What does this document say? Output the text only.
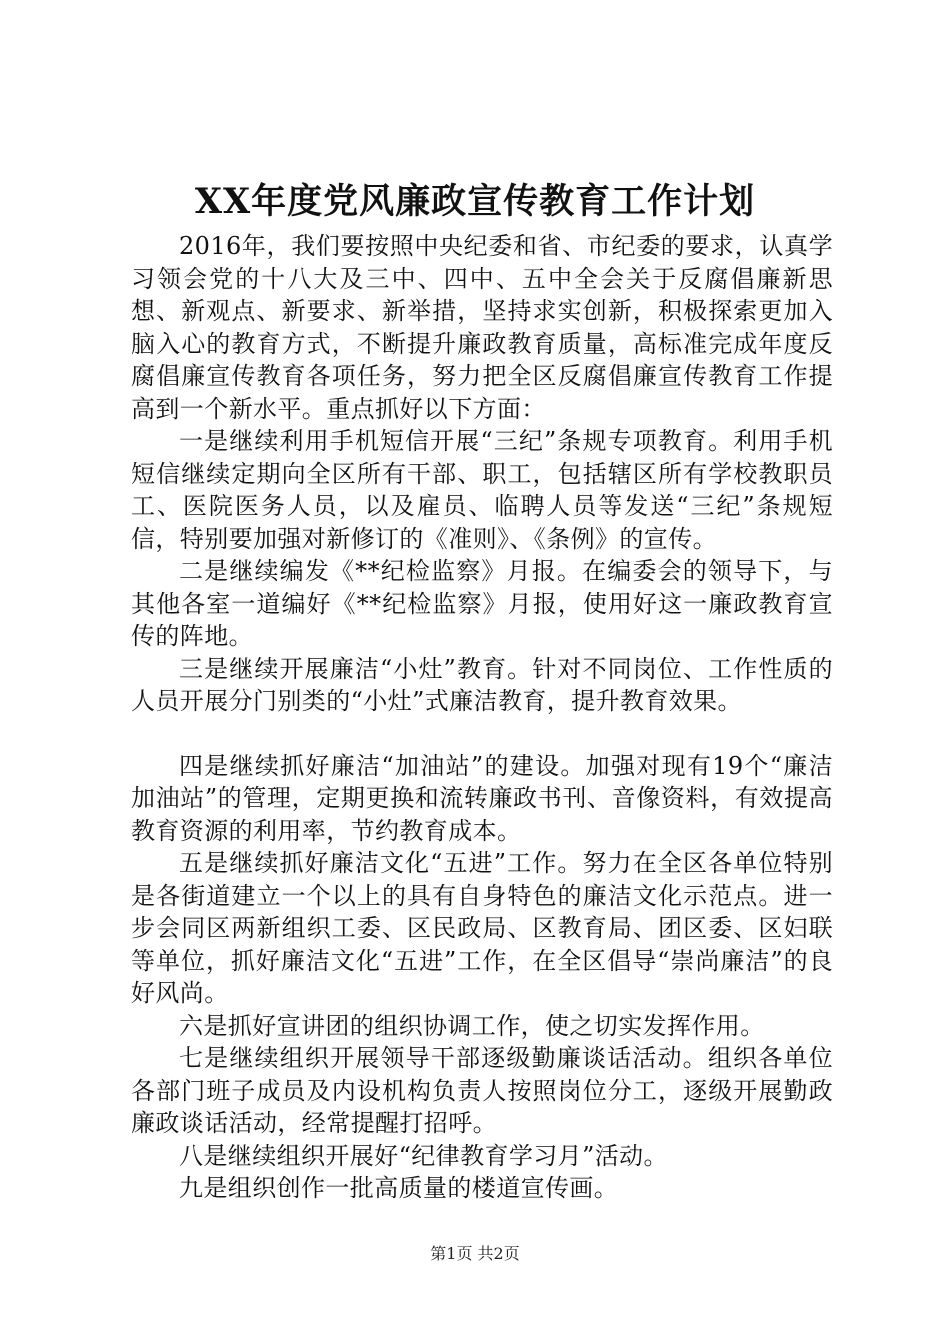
XX年度党风廉政宣传教育工作计划

2016年，我们要按照中央纪委和省、市纪委的要求，认真学习领会党的十八大及三中、四中、五中全会关于反腐倡廉新思想、新观点、新要求、新举措，坚持求实创新，积极探索更加入脑入心的教育方式，不断提升廉政教育质量，高标准完成年度反腐倡廉宣传教育各项任务，努力把全区反腐倡廉宣传教育工作提高到一个新水平。重点抓好以下方面：

一是继续利用手机短信开展“三纪”条规专项教育。利用手机短信继续定期向全区所有干部、职工，包括辖区所有学校教职员工、医院医务人员，以及雇员、临聘人员等发送“三纪”条规短信，特别要加强对新修订的《准则》、《条例》的宣传。

二是继续编发《**纪检监察》月报。在编委会的领导下，与其他各室一道编好《**纪检监察》月报，使用好这一廉政教育宣传的阵地。

三是继续开展廉洁“小灶”教育。针对不同岗位、工作性质的人员开展分门别类的“小灶”式廉洁教育，提升教育效果。

四是继续抓好廉洁“加油站”的建设。加强对现有19个“廉洁加油站”的管理，定期更换和流转廉政书刊、音像资料，有效提高教育资源的利用率，节约教育成本。

五是继续抓好廉洁文化“五进”工作。努力在全区各单位特别是各街道建立一个以上的具有自身特色的廉洁文化示范点。进一步会同区两新组织工委、区民政局、区教育局、团区委、区妇联等单位，抓好廉洁文化“五进”工作，在全区倡导“崇尚廉洁”的良好风尚。

六是抓好宣讲团的组织协调工作，使之切实发挥作用。

七是继续组织开展领导干部逐级勤廉谈话活动。组织各单位各部门班子成员及内设机构负责人按照岗位分工，逐级开展勤政廉政谈话活动，经常提醒打招呼。

八是继续组织开展好“纪律教育学习月”活动。

九是组织创作一批高质量的楼道宣传画。

第1页 共2页
